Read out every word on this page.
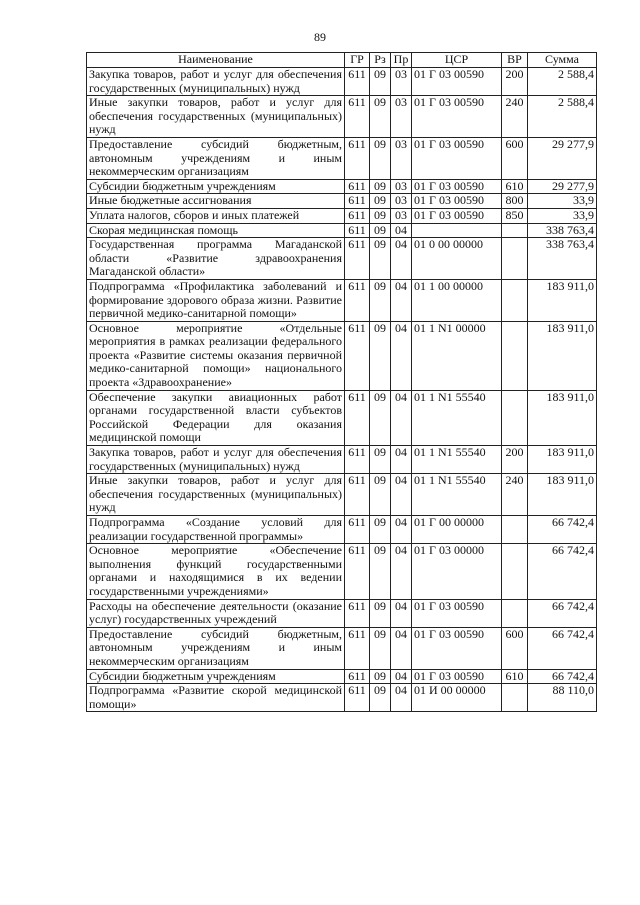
89
Наименование	ГР	Рз	Пр	ЦСР	ВР	Сумма
Закупка товаров, работ и услуг для обеспечения государственных (муниципальных) нужд	611	09	03	01 Г 03 00590	200	2 588,4
Иные закупки товаров, работ и услуг для обеспечения государственных (муниципальных) нужд	611	09	03	01 Г 03 00590	240	2 588,4
Предоставление субсидий бюджетным, автономным учреждениям и иным некоммерческим организациям	611	09	03	01 Г 03 00590	600	29 277,9
Субсидии бюджетным учреждениям	611	09	03	01 Г 03 00590	610	29 277,9
Иные бюджетные ассигнования	611	09	03	01 Г 03 00590	800	33,9
Уплата налогов, сборов и иных платежей	611	09	03	01 Г 03 00590	850	33,9
Скорая медицинская помощь	611	09	04			338 763,4
Государственная программа Магаданской области «Развитие здравоохранения Магаданской области»	611	09	04	01 0 00 00000		338 763,4
Подпрограмма «Профилактика заболеваний и формирование здорового образа жизни. Развитие первичной медико-санитарной помощи»	611	09	04	01 1 00 00000		183 911,0
Основное мероприятие «Отдельные мероприятия в рамках реализации федерального проекта «Развитие системы оказания первичной медико-санитарной помощи» национального проекта «Здравоохранение»	611	09	04	01 1 N1 00000		183 911,0
Обеспечение закупки авиационных работ органами государственной власти субъектов Российской Федерации для оказания медицинской помощи	611	09	04	01 1 N1 55540		183 911,0
Закупка товаров, работ и услуг для обеспечения государственных (муниципальных) нужд	611	09	04	01 1 N1 55540	200	183 911,0
Иные закупки товаров, работ и услуг для обеспечения государственных (муниципальных) нужд	611	09	04	01 1 N1 55540	240	183 911,0
Подпрограмма «Создание условий для реализации государственной программы»	611	09	04	01 Г 00 00000		66 742,4
Основное мероприятие «Обеспечение выполнения функций государственными органами и находящимися в их ведении государственными учреждениями»	611	09	04	01 Г 03 00000		66 742,4
Расходы на обеспечение деятельности (оказание услуг) государственных учреждений	611	09	04	01 Г 03 00590		66 742,4
Предоставление субсидий бюджетным, автономным учреждениям и иным некоммерческим организациям	611	09	04	01 Г 03 00590	600	66 742,4
Субсидии бюджетным учреждениям	611	09	04	01 Г 03 00590	610	66 742,4
Подпрограмма «Развитие скорой медицинской помощи»	611	09	04	01 И 00 00000		88 110,0
